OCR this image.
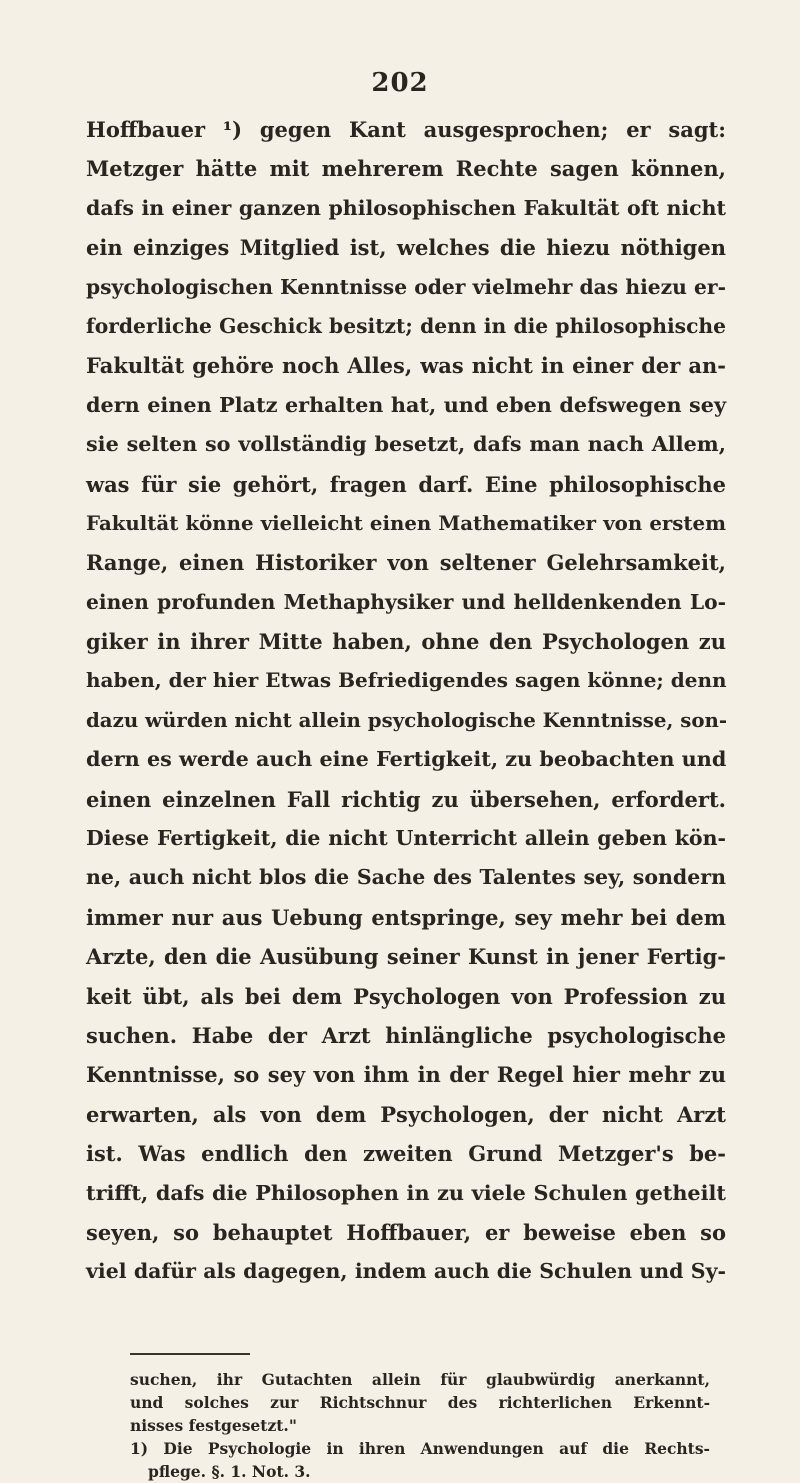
202
Hoffbauer ¹) gegen Kant ausgesprochen; er sagt:
Metzger hätte mit mehrerem Rechte sagen können,
dafs in einer ganzen philosophischen Fakultät oft nicht
ein einziges Mitglied ist, welches die hiezu nöthigen
psychologischen Kenntnisse oder vielmehr das hiezu er-
forderliche Geschick besitzt; denn in die philosophische
Fakultät gehöre noch Alles, was nicht in einer der an-
dern einen Platz erhalten hat, und eben defswegen sey
sie selten so vollständig besetzt, dafs man nach Allem,
was für sie gehört, fragen darf. Eine philosophische
Fakultät könne vielleicht einen Mathematiker von erstem
Range, einen Historiker von seltener Gelehrsamkeit,
einen profunden Methaphysiker und helldenkenden Lo-
giker in ihrer Mitte haben, ohne den Psychologen zu
haben, der hier Etwas Befriedigendes sagen könne; denn
dazu würden nicht allein psychologische Kenntnisse, son-
dern es werde auch eine Fertigkeit, zu beobachten und
einen einzelnen Fall richtig zu übersehen, erfordert.
Diese Fertigkeit, die nicht Unterricht allein geben kön-
ne, auch nicht blos die Sache des Talentes sey, sondern
immer nur aus Uebung entspringe, sey mehr bei dem
Arzte, den die Ausübung seiner Kunst in jener Fertig-
keit übt, als bei dem Psychologen von Profession zu
suchen. Habe der Arzt hinlängliche psychologische
Kenntnisse, so sey von ihm in der Regel hier mehr zu
erwarten, als von dem Psychologen, der nicht Arzt
ist. Was endlich den zweiten Grund Metzger's be-
trifft, dafs die Philosophen in zu viele Schulen getheilt
seyen, so behauptet Hoffbauer, er beweise eben so
viel dafür als dagegen, indem auch die Schulen und Sy-
suchen, ihr Gutachten allein für glaubwürdig anerkannt,
und solches zur Richtschnur des richterlichen Erkennt-
nisses festgesetzt."
1) Die Psychologie in ihren Anwendungen auf die Rechts-
pflege. §. 1. Not. 3.
